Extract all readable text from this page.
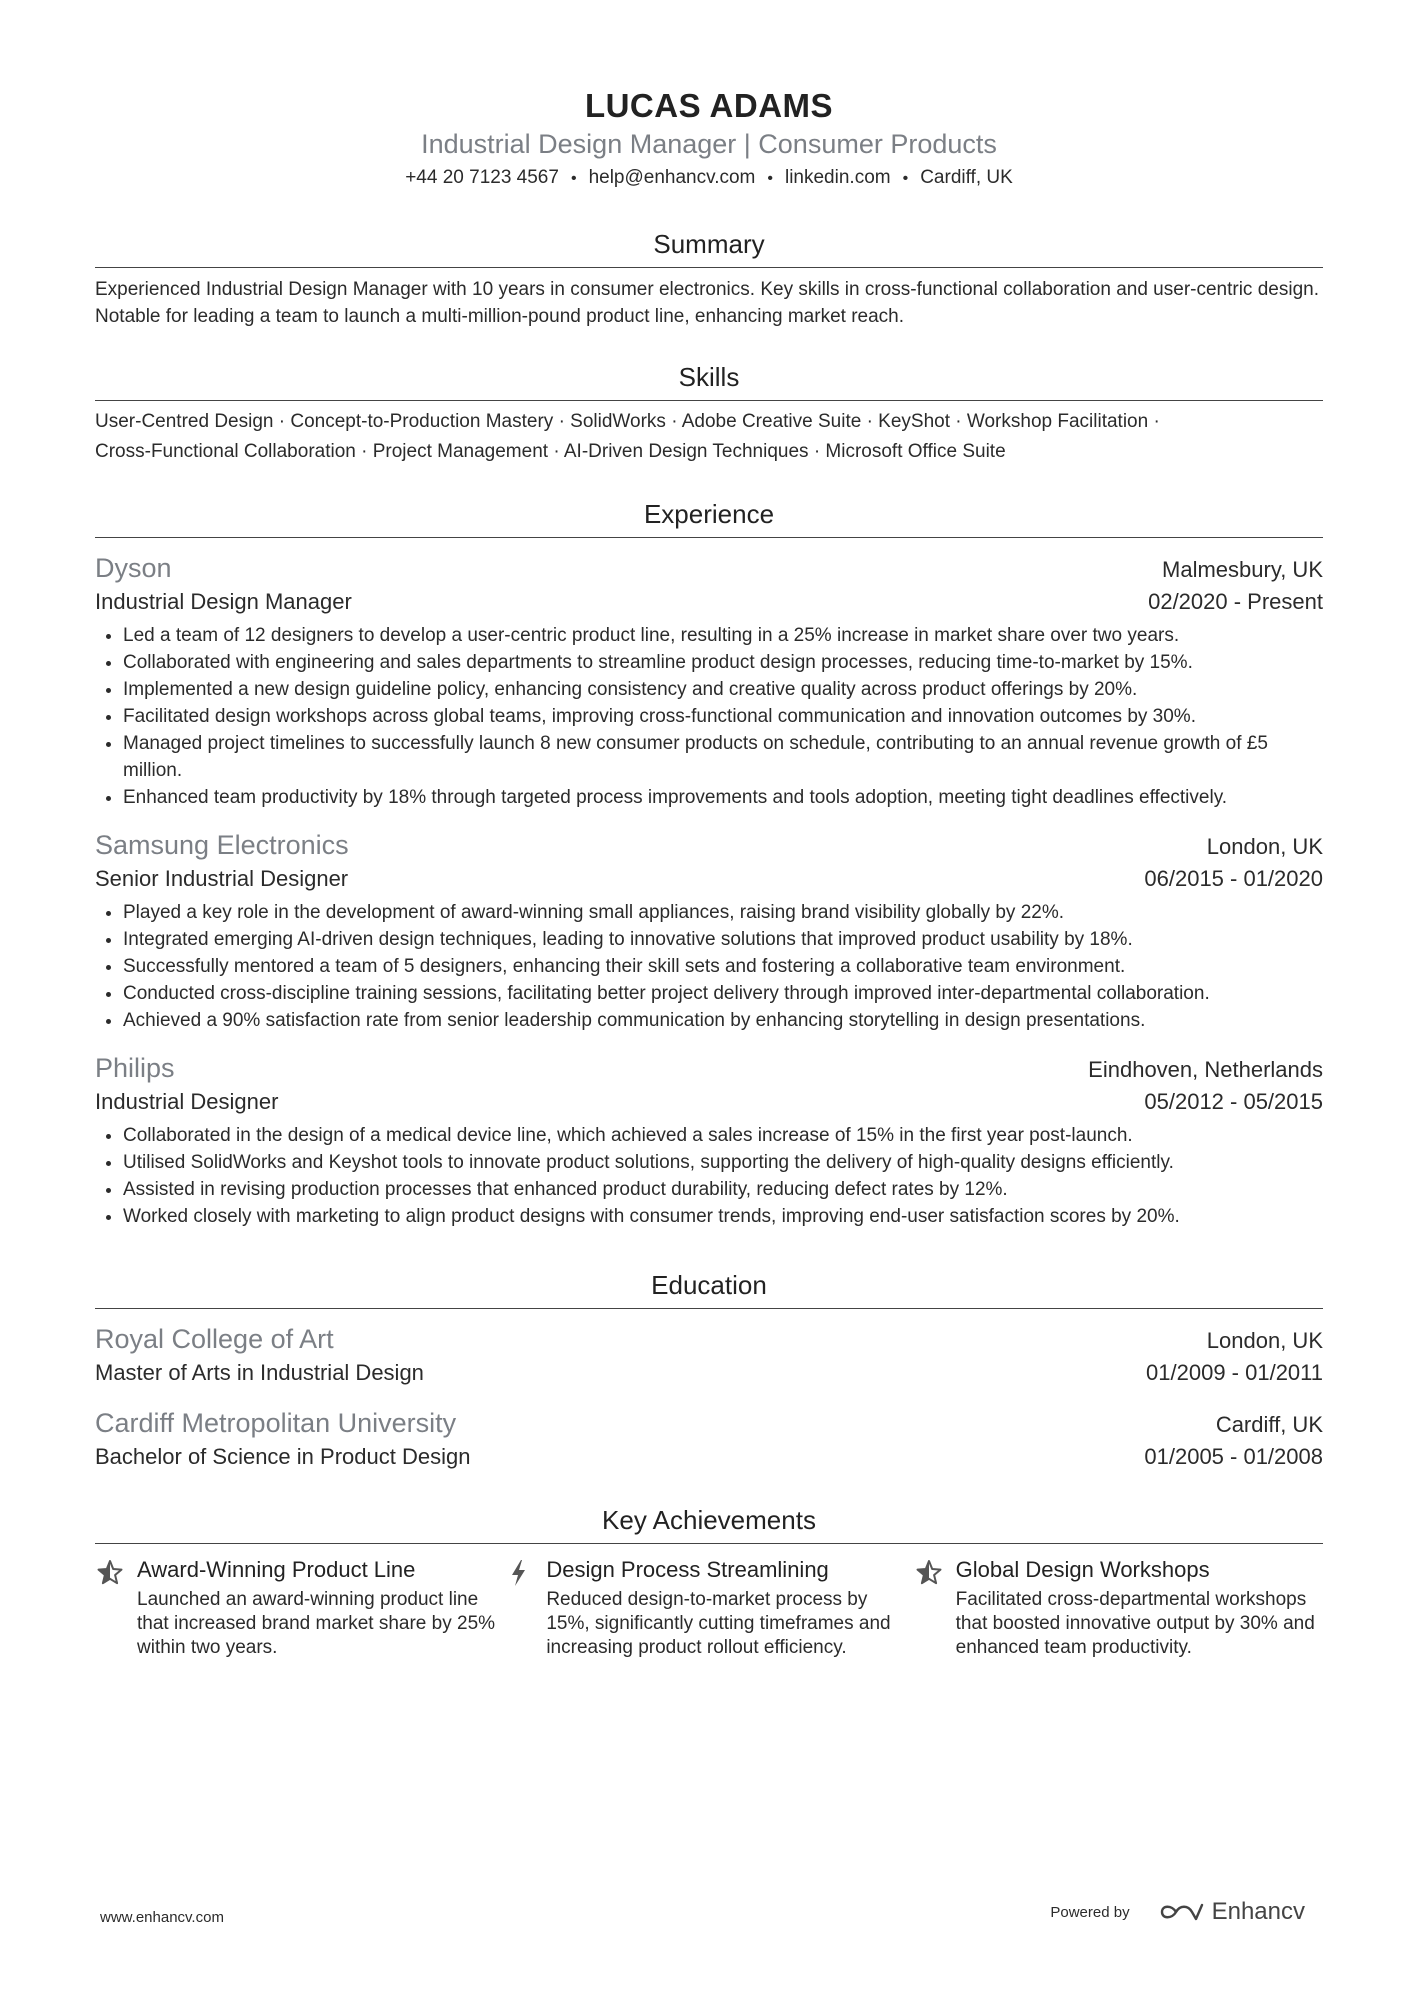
LUCAS ADAMS
Industrial Design Manager | Consumer Products
+44 20 7123 4567 • help@enhancv.com • linkedin.com • Cardiff, UK
Summary
Experienced Industrial Design Manager with 10 years in consumer electronics. Key skills in cross-functional collaboration and user-centric design. Notable for leading a team to launch a multi-million-pound product line, enhancing market reach.
Skills
User-Centred Design · Concept-to-Production Mastery · SolidWorks · Adobe Creative Suite · KeyShot · Workshop Facilitation ·
Cross-Functional Collaboration · Project Management · AI-Driven Design Techniques · Microsoft Office Suite
Experience
Dyson	Malmesbury, UK
Industrial Design Manager	02/2020 - Present
• Led a team of 12 designers to develop a user-centric product line, resulting in a 25% increase in market share over two years.
• Collaborated with engineering and sales departments to streamline product design processes, reducing time-to-market by 15%.
• Implemented a new design guideline policy, enhancing consistency and creative quality across product offerings by 20%.
• Facilitated design workshops across global teams, improving cross-functional communication and innovation outcomes by 30%.
• Managed project timelines to successfully launch 8 new consumer products on schedule, contributing to an annual revenue growth of £5 million.
• Enhanced team productivity by 18% through targeted process improvements and tools adoption, meeting tight deadlines effectively.
Samsung Electronics	London, UK
Senior Industrial Designer	06/2015 - 01/2020
• Played a key role in the development of award-winning small appliances, raising brand visibility globally by 22%.
• Integrated emerging AI-driven design techniques, leading to innovative solutions that improved product usability by 18%.
• Successfully mentored a team of 5 designers, enhancing their skill sets and fostering a collaborative team environment.
• Conducted cross-discipline training sessions, facilitating better project delivery through improved inter-departmental collaboration.
• Achieved a 90% satisfaction rate from senior leadership communication by enhancing storytelling in design presentations.
Philips	Eindhoven, Netherlands
Industrial Designer	05/2012 - 05/2015
• Collaborated in the design of a medical device line, which achieved a sales increase of 15% in the first year post-launch.
• Utilised SolidWorks and Keyshot tools to innovate product solutions, supporting the delivery of high-quality designs efficiently.
• Assisted in revising production processes that enhanced product durability, reducing defect rates by 12%.
• Worked closely with marketing to align product designs with consumer trends, improving end-user satisfaction scores by 20%.
Education
Royal College of Art	London, UK
Master of Arts in Industrial Design	01/2009 - 01/2011
Cardiff Metropolitan University	Cardiff, UK
Bachelor of Science in Product Design	01/2005 - 01/2008
Key Achievements
Award-Winning Product Line
Launched an award-winning product line that increased brand market share by 25% within two years.
Design Process Streamlining
Reduced design-to-market process by 15%, significantly cutting timeframes and increasing product rollout efficiency.
Global Design Workshops
Facilitated cross-departmental workshops that boosted innovative output by 30% and enhanced team productivity.
www.enhancv.com	Powered by	Enhancv
